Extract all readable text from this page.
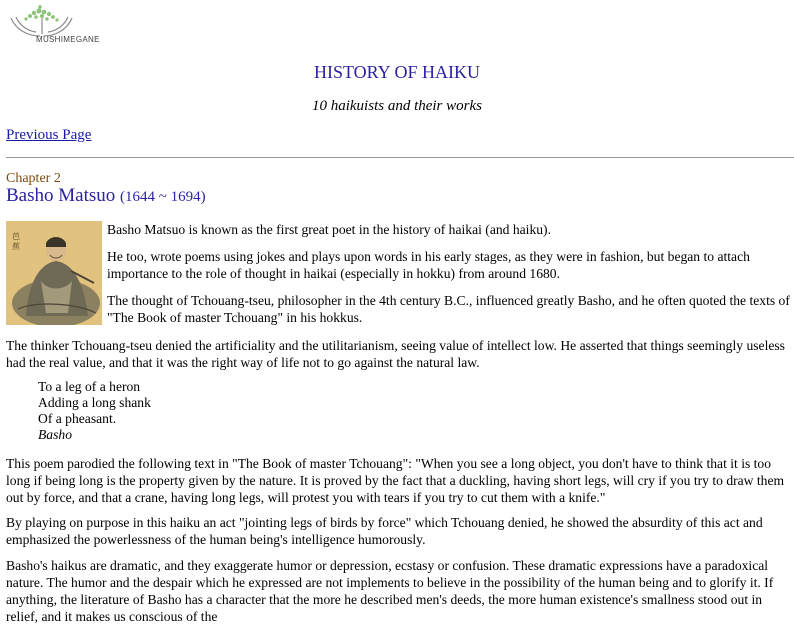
MUSHIMEGANE
HISTORY OF HAIKU
10 haikuists and their works
Previous Page
Chapter 2
Basho Matsuo (1644 ~ 1694)
芭
蕉

Basho Matsuo is known as the first great poet in the history of haikai (and haiku).

He too, wrote poems using jokes and plays upon words in his early stages, as they were in fashion, but began to attach importance to the role of thought in haikai (especially in hokku) from around 1680.

The thought of Tchouang-tseu, philosopher in the 4th century B.C., influenced greatly Basho, and he often quoted the texts of "The Book of master Tchouang" in his hokkus.

The thinker Tchouang-tseu denied the artificiality and the utilitarianism, seeing value of intellect low. He asserted that things seemingly useless had the real value, and that it was the right way of life not to go against the natural law.

To a leg of a heron
Adding a long shank
Of a pheasant.
Basho

This poem parodied the following text in "The Book of master Tchouang": "When you see a long object, you don't have to think that it is too long if being long is the property given by the nature. It is proved by the fact that a duckling, having short legs, will cry if you try to draw them out by force, and that a crane, having long legs, will protest you with tears if you try to cut them with a knife."

By playing on purpose in this haiku an act "jointing legs of birds by force" which Tchouang denied, he showed the absurdity of this act and emphasized the powerlessness of the human being's intelligence humorously.

Basho's haikus are dramatic, and they exaggerate humor or depression, ecstasy or confusion. These dramatic expressions have a paradoxical nature. The humor and the despair which he expressed are not implements to believe in the possibility of the human being and to glorify it. If anything, the literature of Basho has a character that the more he described men's deeds, the more human existence's smallness stood out in relief, and it makes us conscious of the
